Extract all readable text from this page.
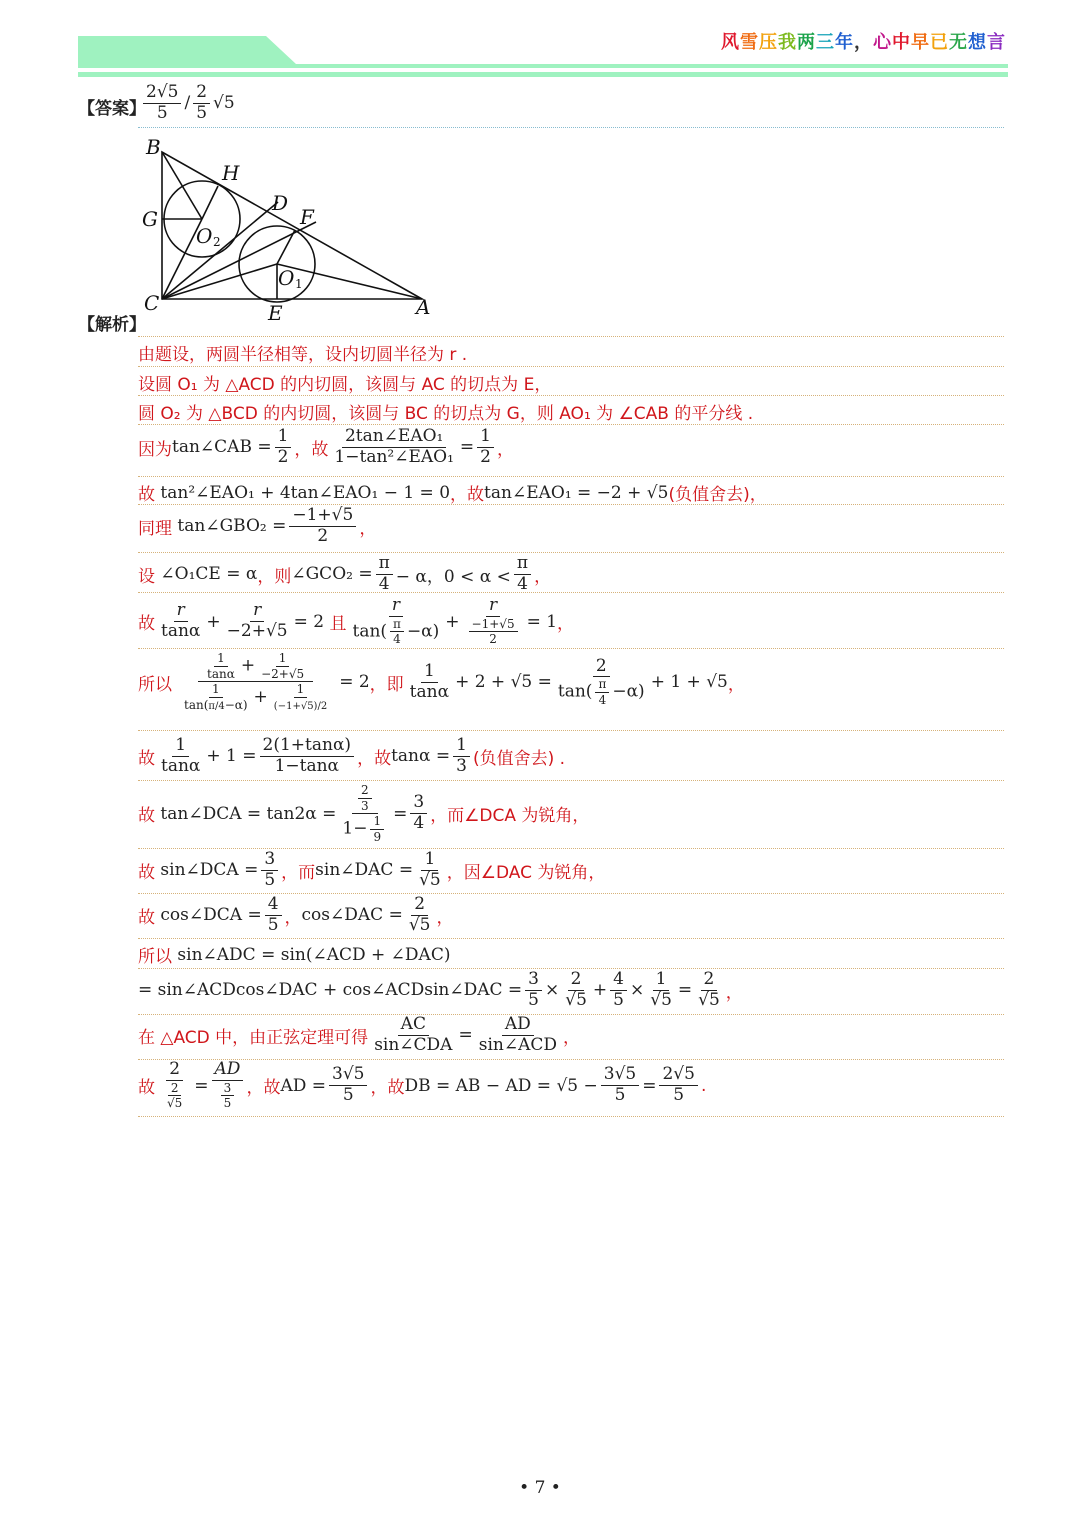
风雪压我两三年，心中早已无想言
【答案】
$\frac{2√5}{5} / \frac{2}{5} √5$
B
H
D
F
G
O 2
O 1
C	E	A
【解析】
由题设，两圆半径相等，设内切圆半径为 r .
设圆 O₁ 为 △ACD 的内切圆，该圆与 AC 的切点为 E，
圆 O₂ 为 △BCD 的内切圆，该圆与 BC 的切点为 G，则 AO₁ 为 ∠CAB 的平分线 .
因为 tan∠CAB = $\frac{1}{2}$ ，故 $\frac{\text{2tan∠EAO₁}}{\text{1−tan²∠EAO₁}} = \frac{1}{2}$ ，
故
tan²∠EAO₁ + 4tan∠EAO₁ − 1 = 0 ，故 tan∠EAO₁ = −2 + √5 (负值舍去)，
同理
tan∠GBO₂ = $\frac{-1+√5}{2}$ ，
设
∠O₁CE = α ，则 ∠GCO₂ = $\frac{\pi}{4} - \alpha$，$0 < \alpha < \frac{\pi}{4}$ ，
故 $\frac{r}{\tan\alpha} + \frac{r}{-2+√5} = 2$
且 $\frac{r}{\tan( \frac{\pi}{4} -\alpha)} + \frac{r}{\frac{-1+√5}{2}} = 1$ ，
所以 $\frac{\frac{1}{\tan\alpha} + \frac{1}{-2+√5}}{\frac{1}{\tan(\pi/4-\alpha)} + \frac{1}{(-1+√5)/2}} = 2$ ，即 $\frac{1}{\tan\alpha} + 2 + √5 = \frac{2}{\tan( \frac{\pi}{4} -\alpha)} + 1 + √5$ ，
故 $\frac{1}{\tan\alpha} + 1 = \frac{2(1+\tan\alpha)}{1-\tan\alpha}$ ，故 $\tan\alpha = \frac{1}{3}$ (负值舍去) .
故
tan∠DCA = $\tan 2\alpha = \frac{\frac{2}{3}}{1- \frac{1}{9}} = \frac{3}{4}$ ，而 ∠DCA 为锐角，
故
sin∠DCA = $\frac{3}{5}$ ，而 sin∠DAC = $\frac{1}{√5}$ ，因 ∠DAC 为锐角，
故
cos∠DCA = $\frac{4}{5}$ ， cos∠DAC = $\frac{2}{√5}$ ，
所以
sin∠ADC = sin(∠ACD + ∠DAC)
= sin∠ACDcos∠DAC + cos∠ACDsin∠DAC = $\frac{3}{5} \times \frac{2}{√5} + \frac{4}{5} \times \frac{1}{√5} = \frac{2}{√5}$ ，
在 △ACD 中，由正弦定理可得 $\frac{AC}{\text{sin∠CDA}} = \frac{AD}{\text{sin∠ACD}}$ ，
故 $\frac{2}{\frac{2}{√5}} = \frac{AD}{\frac{3}{5}}$ ，故 AD = $\frac{3√5}{5}$ ，故 DB = AB − AD = $√5 - \frac{3√5}{5} = \frac{2√5}{5}$ .
• 7 •
